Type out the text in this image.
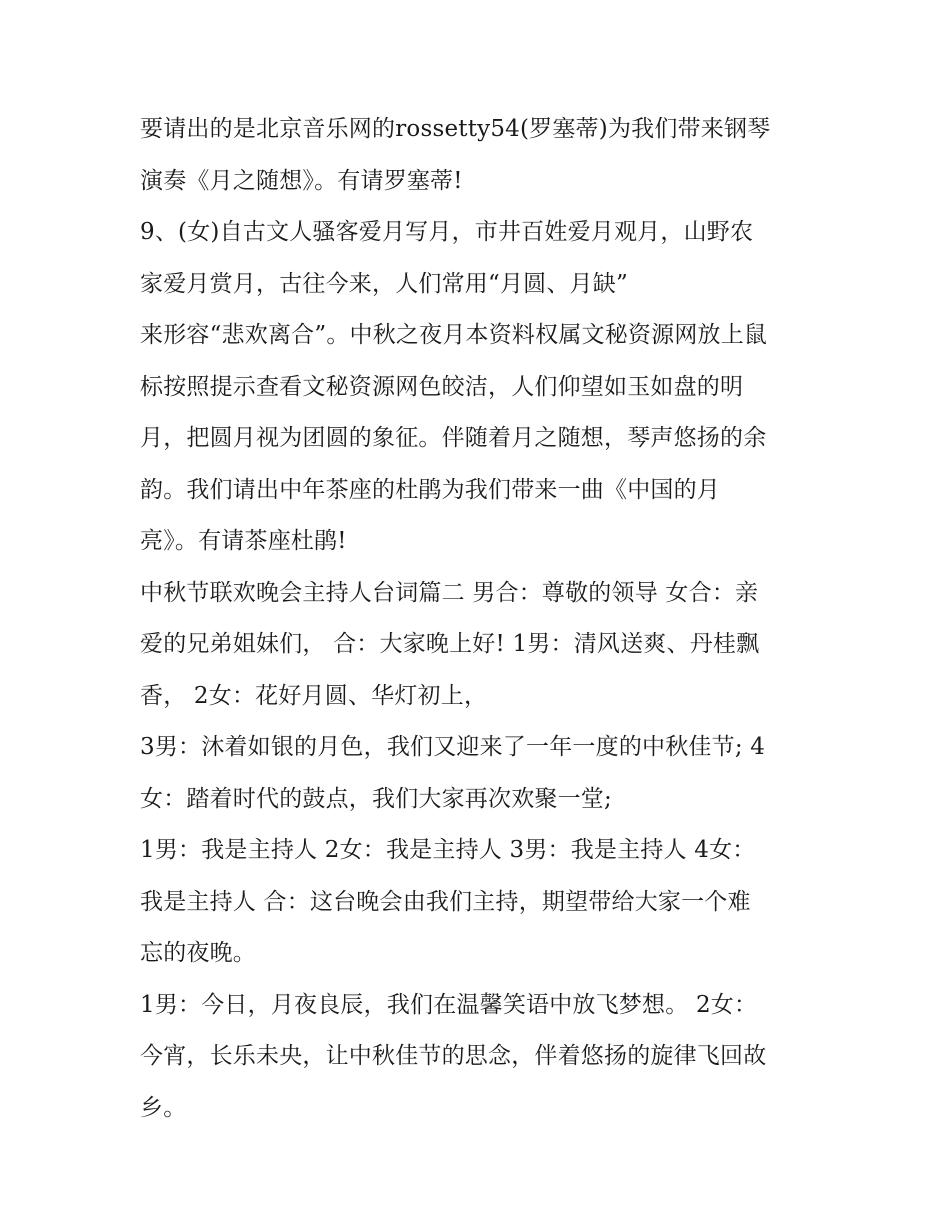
要请出的是北京音乐网的rossetty54(罗塞蒂)为我们带来钢琴
演奏《月之随想》。有请罗塞蒂!
9、(女)自古文人骚客爱月写月，市井百姓爱月观月，山野农
家爱月赏月，古往今来，人们常用“月圆、月缺”
来形容“悲欢离合”。中秋之夜月本资料权属文秘资源网放上鼠
标按照提示查看文秘资源网色皎洁，人们仰望如玉如盘的明
月，把圆月视为团圆的象征。伴随着月之随想，琴声悠扬的余
韵。我们请出中年茶座的杜鹃为我们带来一曲《中国的月
亮》。有请茶座杜鹃!
中秋节联欢晚会主持人台词篇二 男合：尊敬的领导 女合：亲
爱的兄弟姐妹们， 合：大家晚上好! 1男：清风送爽、丹桂飘
香， 2女：花好月圆、华灯初上，
3男：沐着如银的月色，我们又迎来了一年一度的中秋佳节; 4
女：踏着时代的鼓点，我们大家再次欢聚一堂;
1男：我是主持人 2女：我是主持人 3男：我是主持人 4女：
我是主持人 合：这台晚会由我们主持，期望带给大家一个难
忘的夜晚。
1男：今日，月夜良辰，我们在温馨笑语中放飞梦想。 2女：
今宵，长乐未央，让中秋佳节的思念，伴着悠扬的旋律飞回故
乡。
